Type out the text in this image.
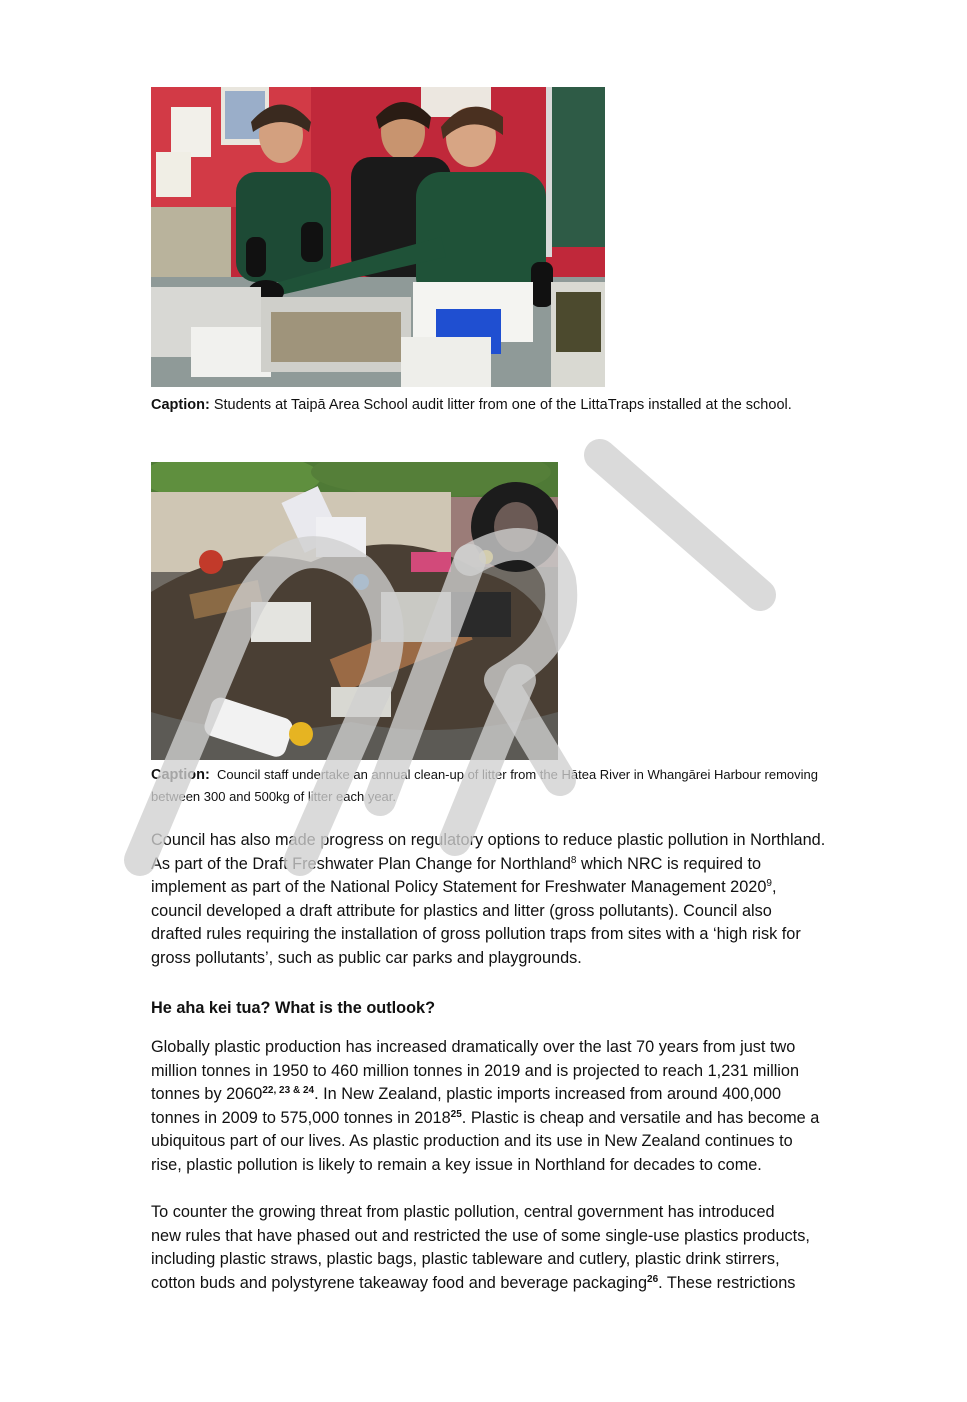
Caption: Students at Taipā Area School audit litter from one of the LittaTraps installed at the school.
Caption: Council staff undertake an annual clean-up of litter from the Hātea River in Whangārei Harbour removing
between 300 and 500kg of litter each year.
Council has also made progress on regulatory options to reduce plastic pollution in Northland.
As part of the Draft Freshwater Plan Change for Northland$^8$ which NRC is required to
implement as part of the National Policy Statement for Freshwater Management 2020$^9$,
council developed a draft attribute for plastics and litter (gross pollutants). Council also
drafted rules requiring the installation of gross pollution traps from sites with a ‘high risk for
gross pollutants’, such as public car parks and playgrounds.
He aha kei tua? What is the outlook?
Globally plastic production has increased dramatically over the last 70 years from just two
million tonnes in 1950 to 460 million tonnes in 2019 and is projected to reach 1,231 million
tonnes by $2060^{22, 23 \& 24}$. In New Zealand, plastic imports increased from around 400,000
tonnes in 2009 to 575,000 tonnes in 2018$^{25}$. Plastic is cheap and versatile and has become a
ubiquitous part of our lives. As plastic production and its use in New Zealand continues to
rise, plastic pollution is likely to remain a key issue in Northland for decades to come.
To counter the growing threat from plastic pollution, central government has introduced
new rules that have phased out and restricted the use of some single-use plastics products,
including plastic straws, plastic bags, plastic tableware and cutlery, plastic drink stirrers,
cotton buds and polystyrene takeaway food and beverage packaging$^{26}$. These restrictions
